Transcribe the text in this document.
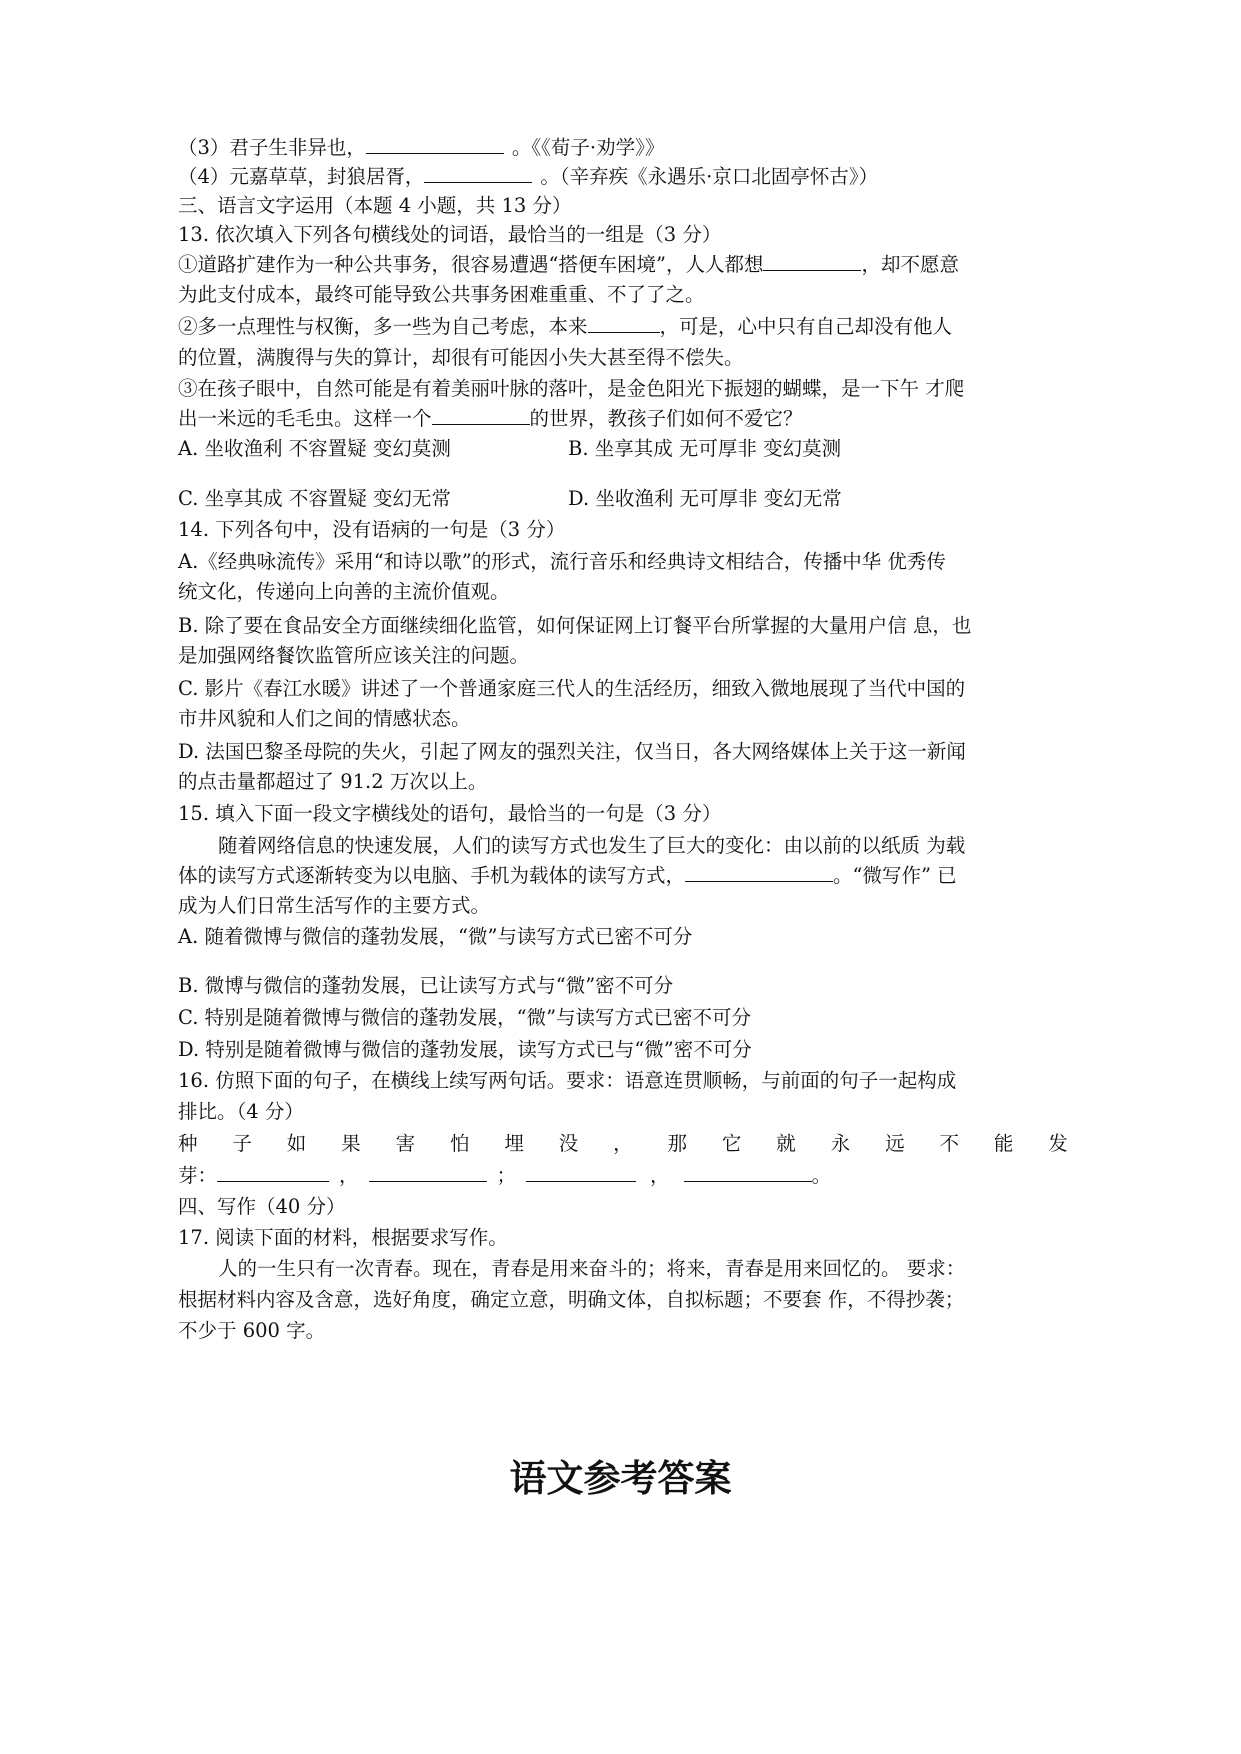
（3）君子生非异也，	。《《荀子·劝学》》
（4）元嘉草草，封狼居胥，	。（辛弃疾《永遇乐·京口北固亭怀古》）
三、语言文字运用（本题 4 小题，共 13 分）
13. 依次填入下列各句横线处的词语，最恰当的一组是（3 分）
①道路扩建作为一种公共事务，很容易遭遇“搭便车困境”，人人都想	，却不愿意
为此支付成本，最终可能导致公共事务困难重重、不了了之。
②多一点理性与权衡，多一些为自己考虑，本来	，可是，心中只有自己却没有他人
的位置，满腹得与失的算计，却很有可能因小失大甚至得不偿失。
③在孩子眼中，自然可能是有着美丽叶脉的落叶，是金色阳光下振翅的蝴蝶，是一下午 才爬
出一米远的毛毛虫。这样一个	的世界，教孩子们如何不爱它？
A. 坐收渔利 不容置疑 变幻莫测	B. 坐享其成 无可厚非 变幻莫测
C. 坐享其成 不容置疑 变幻无常	D. 坐收渔利 无可厚非 变幻无常
14. 下列各句中，没有语病的一句是（3 分）
A.《经典咏流传》采用“和诗以歌”的形式，流行音乐和经典诗文相结合，传播中华 优秀传
统文化，传递向上向善的主流价值观。
B. 除了要在食品安全方面继续细化监管，如何保证网上订餐平台所掌握的大量用户信 息，也
是加强网络餐饮监管所应该关注的问题。
C. 影片《春江水暖》讲述了一个普通家庭三代人的生活经历，细致入微地展现了当代中国的
市井风貌和人们之间的情感状态。
D. 法国巴黎圣母院的失火，引起了网友的强烈关注，仅当日，各大网络媒体上关于这一新闻
的点击量都超过了 91.2 万次以上。
15. 填入下面一段文字横线处的语句，最恰当的一句是（3 分）
随着网络信息的快速发展，人们的读写方式也发生了巨大的变化：由以前的以纸质 为载
体的读写方式逐渐转变为以电脑、手机为载体的读写方式，	。“微写作” 已
成为人们日常生活写作的主要方式。
A. 随着微博与微信的蓬勃发展，“微”与读写方式已密不可分
B. 微博与微信的蓬勃发展，已让读写方式与“微”密不可分
C. 特别是随着微博与微信的蓬勃发展，“微”与读写方式已密不可分
D. 特别是随着微博与微信的蓬勃发展，读写方式已与“微”密不可分
16. 仿照下面的句子，在横线上续写两句话。要求：语意连贯顺畅，与前面的句子一起构成
排比。（4 分）
种 子 如 果 害 怕 埋 没 ， 那 它 就 永 远 不 能 发
芽：	，	；	，	。
四、写作（40 分）
17. 阅读下面的材料，根据要求写作。
人的一生只有一次青春。现在，青春是用来奋斗的；将来，青春是用来回忆的。 要求：
根据材料内容及含意，选好角度，确定立意，明确文体，自拟标题；不要套 作，不得抄袭；
不少于 600 字。
语文参考答案
